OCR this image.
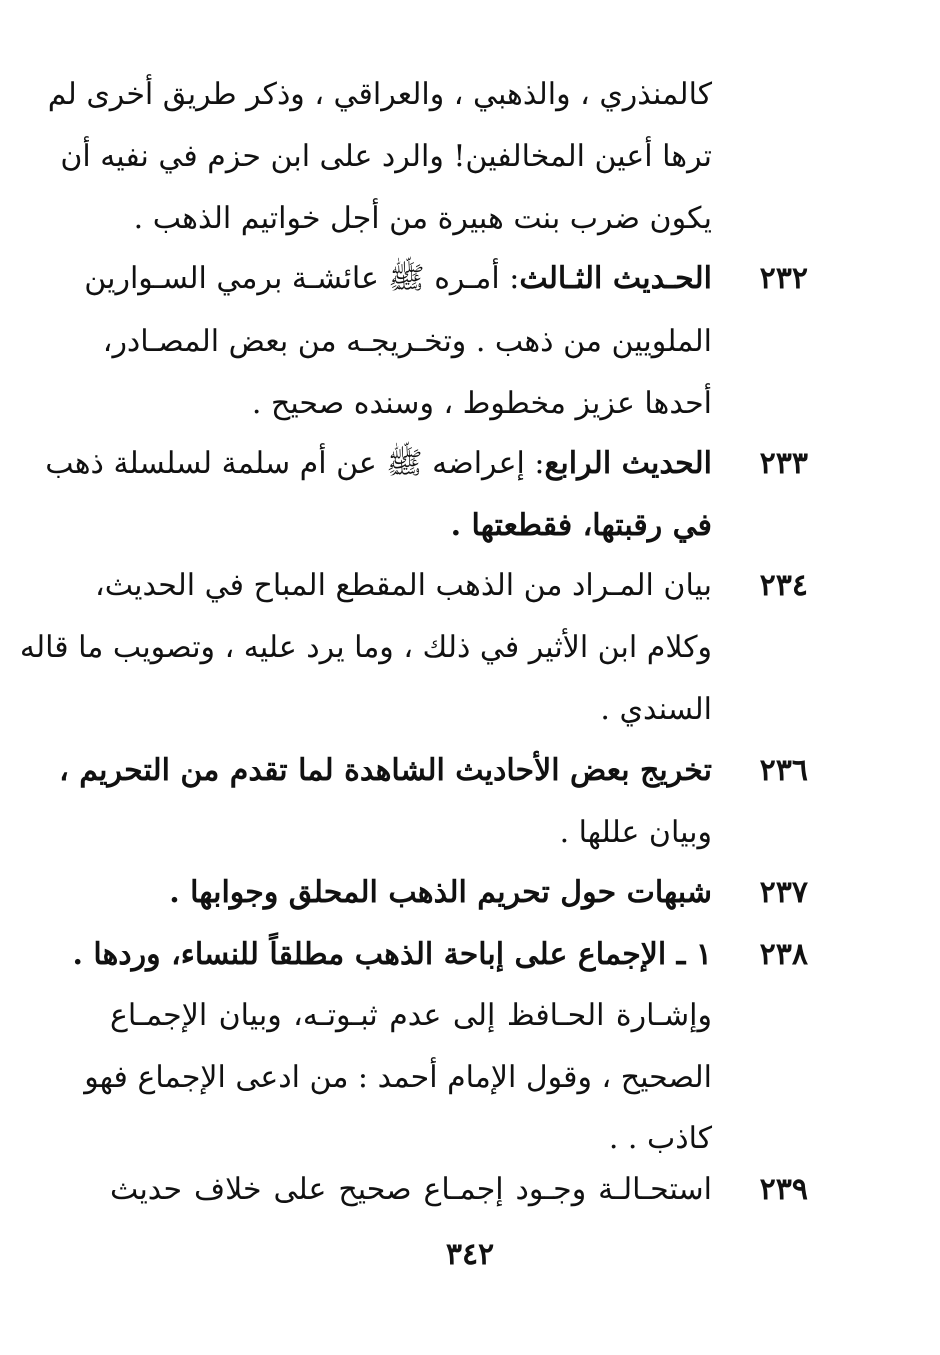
كالمنذري ، والذهبي ، والعراقي ، وذكر طريق أخرى لم
ترها أعين المخالفين! والرد على ابن حزم في نفيه أن
يكون ضرب بنت هبيرة من أجل خواتيم الذهب .
٢٣٢
الحـديث الثـالث: أمـره ﷺ عائشـة برمي السـوارين
الملويين من ذهب . وتخـريجـه من بعض المصـادر،
أحدها عزيز مخطوط ، وسنده صحيح .
٢٣٣
الحديث الرابع: إعراضه ﷺ عن أم سلمة لسلسلة ذهب
في رقبتها، فقطعتها .
٢٣٤
بيان المـراد من الذهب المقطع المباح في الحديث،
وكلام ابن الأثير في ذلك ، وما يرد عليه ، وتصويب ما قاله
السندي .
٢٣٦
تخريج بعض الأحاديث الشاهدة لما تقدم من التحريم ،
وبيان عللها .
٢٣٧
شبهات حول تحريم الذهب المحلق وجوابها .
٢٣٨
١ ـ الإجماع على إباحة الذهب مطلقاً للنساء، وردها .
وإشـارة الحـافظ إلى عدم ثبـوتـه، وبيان الإجمـاع
الصحيح ، وقول الإمام أحمد : من ادعى الإجماع فهو
كاذب . .
٢٣٩
استحـالـة وجـود إجمـاع صحيح على خلاف حديث
٣٤٢
